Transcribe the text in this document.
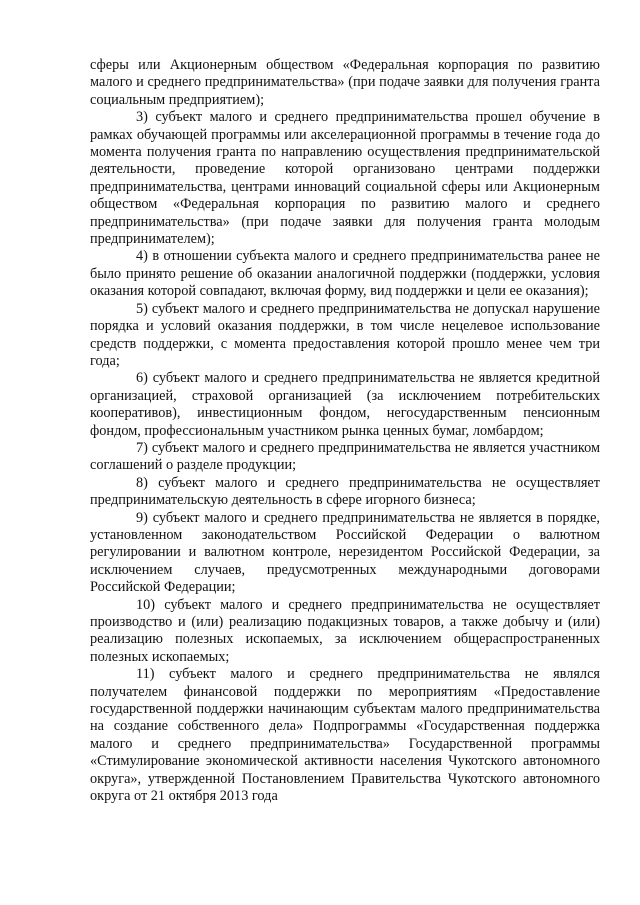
сферы или Акционерным обществом «Федеральная корпорация по развитию малого и среднего предпринимательства» (при подаче заявки для получения гранта социальным предприятием);

3) субъект малого и среднего предпринимательства прошел обучение в рамках обучающей программы или акселерационной программы в течение года до момента получения гранта по направлению осуществления предпринимательской деятельности, проведение которой организовано центрами поддержки предпринимательства, центрами инноваций социальной сферы или Акционерным обществом «Федеральная корпорация по развитию малого и среднего предпринимательства» (при подаче заявки для получения гранта молодым предпринимателем);

4) в отношении субъекта малого и среднего предпринимательства ранее не было принято решение об оказании аналогичной поддержки (поддержки, условия оказания которой совпадают, включая форму, вид поддержки и цели ее оказания);

5) субъект малого и среднего предпринимательства не допускал нарушение порядка и условий оказания поддержки, в том числе нецелевое использование средств поддержки, с момента предоставления которой прошло менее чем три года;

6) субъект малого и среднего предпринимательства не является кредитной организацией, страховой организацией (за исключением потребительских кооперативов), инвестиционным фондом, негосударственным пенсионным фондом, профессиональным участником рынка ценных бумаг, ломбардом;

7) субъект малого и среднего предпринимательства не является участником соглашений о разделе продукции;

8) субъект малого и среднего предпринимательства не осуществляет предпринимательскую деятельность в сфере игорного бизнеса;

9) субъект малого и среднего предпринимательства не является в порядке, установленном законодательством Российской Федерации о валютном регулировании и валютном контроле, нерезидентом Российской Федерации, за исключением случаев, предусмотренных международными договорами Российской Федерации;

10) субъект малого и среднего предпринимательства не осуществляет производство и (или) реализацию подакцизных товаров, а также добычу и (или) реализацию полезных ископаемых, за исключением общераспространенных полезных ископаемых;

11) субъект малого и среднего предпринимательства не являлся получателем финансовой поддержки по мероприятиям «Предоставление государственной поддержки начинающим субъектам малого предпринимательства на создание собственного дела» Подпрограммы «Государственная поддержка малого и среднего предпринимательства» Государственной программы «Стимулирование экономической активности населения Чукотского автономного округа», утвержденной Постановлением Правительства Чукотского автономного округа от 21 октября 2013 года
